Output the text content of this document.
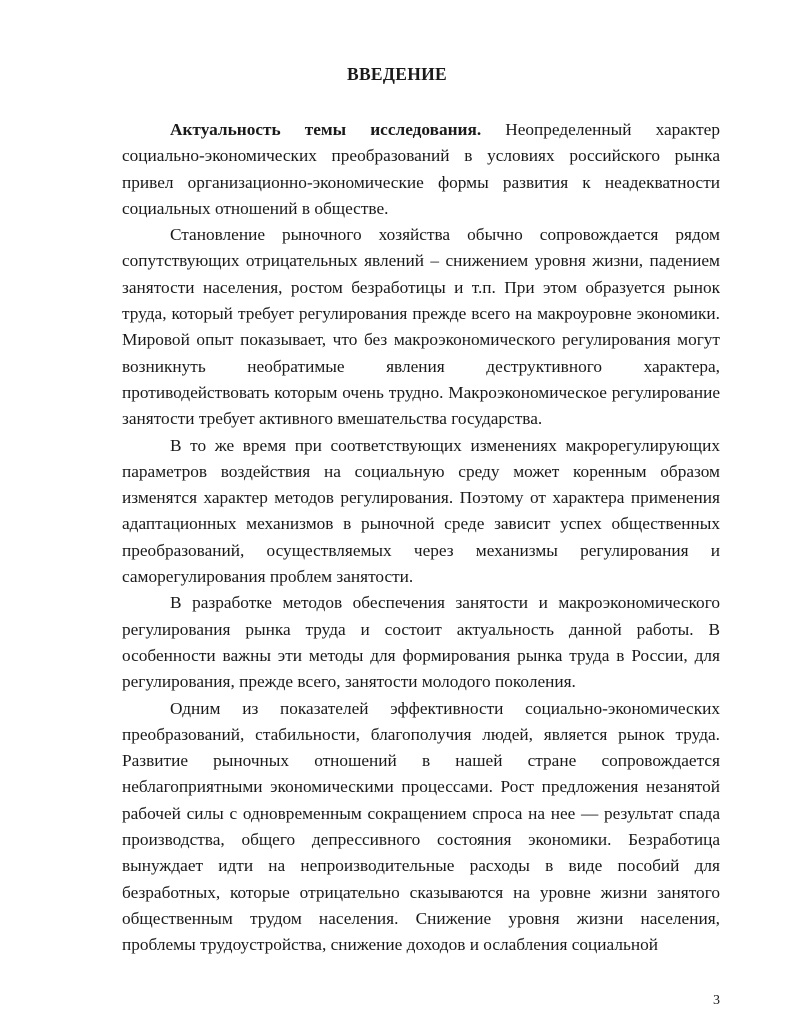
ВВЕДЕНИЕ

Актуальность темы исследования. Неопределенный характер социально-экономических преобразований в условиях российского рынка привел организационно-экономические формы развития к неадекватности социальных отношений в обществе.

Становление рыночного хозяйства обычно сопровождается рядом сопутствующих отрицательных явлений – снижением уровня жизни, падением занятости населения, ростом безработицы и т.п. При этом образуется рынок труда, который требует регулирования прежде всего на макроуровне экономики. Мировой опыт показывает, что без макроэкономического регулирования могут возникнуть необратимые явления деструктивного характера, противодействовать которым очень трудно. Макроэкономическое регулирование занятости требует активного вмешательства государства.

В то же время при соответствующих изменениях макрорегулирующих параметров воздействия на социальную среду может коренным образом изменятся характер методов регулирования. Поэтому от характера применения адаптационных механизмов в рыночной среде зависит успех общественных преобразований, осуществляемых через механизмы регулирования и саморегулирования проблем занятости.

В разработке методов обеспечения занятости и макроэкономического регулирования рынка труда и состоит актуальность данной работы. В особенности важны эти методы для формирования рынка труда в России, для регулирования, прежде всего, занятости молодого поколения.

Одним из показателей эффективности социально-экономических преобразований, стабильности, благополучия людей, является рынок труда. Развитие рыночных отношений в нашей стране сопровождается неблагоприятными экономическими процессами. Рост предложения незанятой рабочей силы с одновременным сокращением спроса на нее — результат спада производства, общего депрессивного состояния экономики. Безработица вынуждает идти на непроизводительные расходы в виде пособий для безработных, которые отрицательно сказываются на уровне жизни занятого общественным трудом населения. Снижение уровня жизни населения, проблемы трудоустройства, снижение доходов и ослабления социальной

3
